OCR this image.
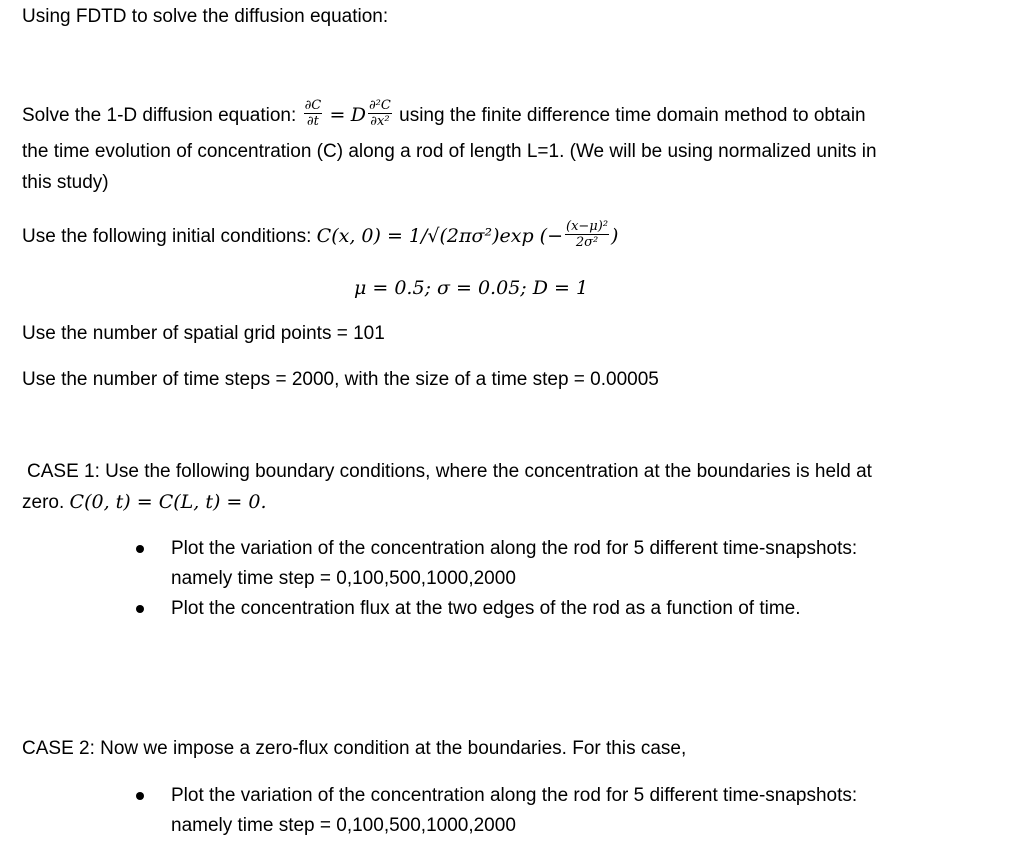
Using FDTD to solve the diffusion equation:
Solve the 1-D diffusion equation: $\frac{\partial C}{\partial t} = D \frac{\text{∂²C}}{\text{∂x²}}$ using the finite difference time domain method to obtain
the time evolution of concentration (C) along a rod of length L=1. (We will be using normalized units in
this study)
Use the following initial conditions: C(x, 0) = 1/√(2πσ²)exp (− $\frac{\text{(x−μ)²}}{\text{2σ²}}$ )
μ = 0.5; σ = 0.05; D = 1
Use the number of spatial grid points = 101
Use the number of time steps = 2000, with the size of a time step = 0.00005
CASE 1: Use the following boundary conditions, where the concentration at the boundaries is held at
zero. C(0, t) = C(L, t) = 0.
Plot the variation of the concentration along the rod for 5 different time-snapshots:
namely time step = 0,100,500,1000,2000
Plot the concentration flux at the two edges of the rod as a function of time.
CASE 2: Now we impose a zero-flux condition at the boundaries. For this case,
Plot the variation of the concentration along the rod for 5 different time-snapshots:
namely time step = 0,100,500,1000,2000
